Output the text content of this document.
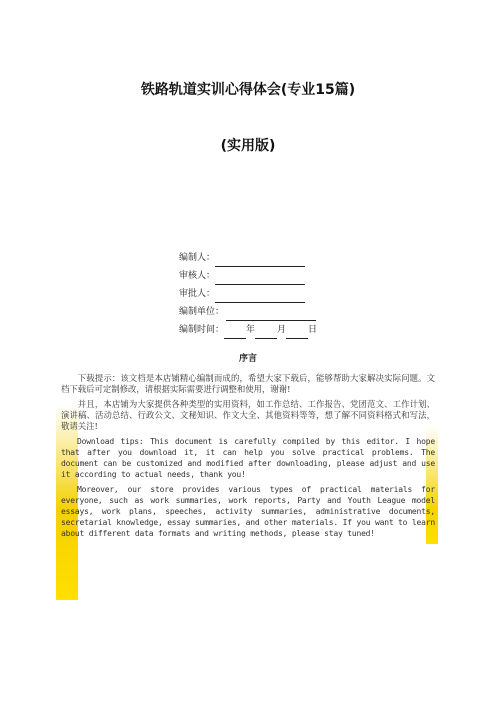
铁路轨道实训心得体会(专业15篇)
(实用版)
编制人：
审核人：
审批人：
编制单位：
编制时间： 年 月 日
序言

下载提示：该文档是本店铺精心编制而成的，希望大家下载后，能够帮助大家解决实际问题。文档下载后可定制修改，请根据实际需要进行调整和使用，谢谢!

并且，本店铺为大家提供各种类型的实用资料，如工作总结、工作报告、党团范文、工作计划、演讲稿、活动总结、行政公文、文秘知识、作文大全、其他资料等等，想了解不同资料格式和写法，敬请关注!

Download tips: This document is carefully compiled by this editor. I hope that after you download it, it can help you solve practical problems. The document can be customized and modified after downloading, please adjust and use it according to actual needs, thank you!

Moreover, our store provides various types of practical materials for everyone, such as work summaries, work reports, Party and Youth League model essays, work plans, speeches, activity summaries, administrative documents, secretarial knowledge, essay summaries, and other materials. If you want to learn about different data formats and writing methods, please stay tuned!
